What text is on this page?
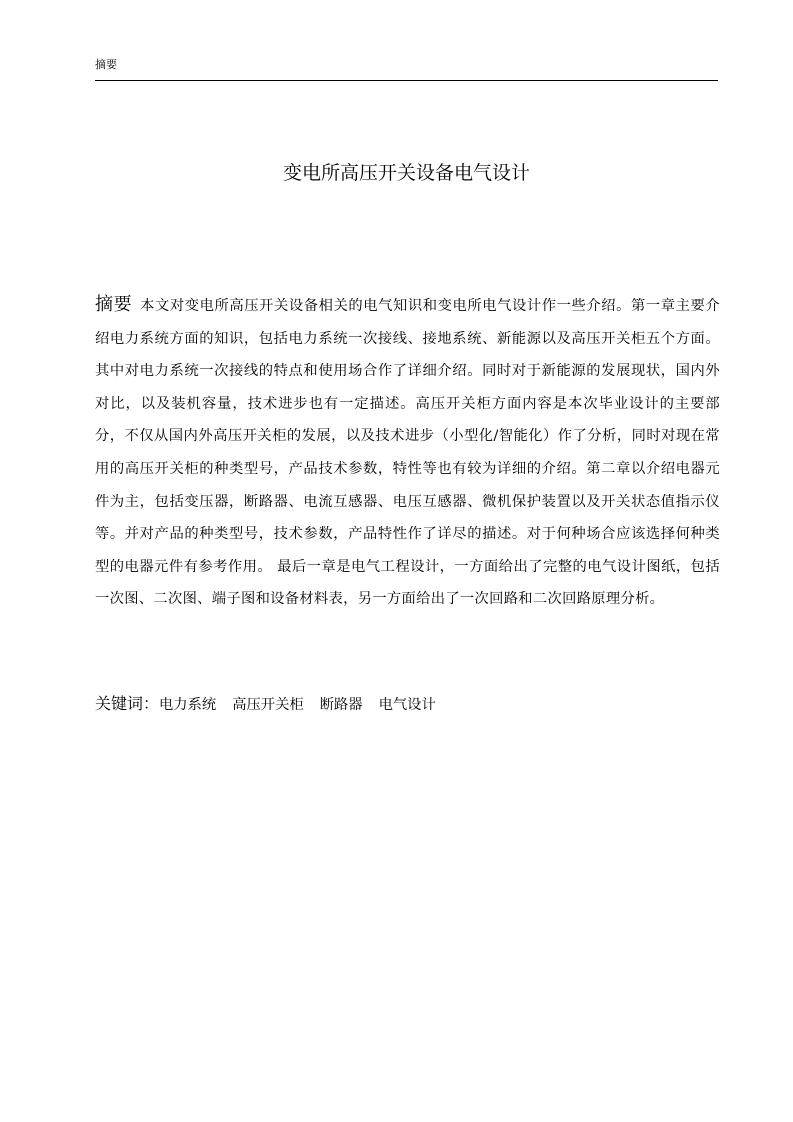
摘要
变电所高压开关设备电气设计

摘要 本文对变电所高压开关设备相关的电气知识和变电所电气设计作一些介绍。第一章主要介绍电力系统方面的知识，包括电力系统一次接线、接地系统、新能源以及高压开关柜五个方面。其中对电力系统一次接线的特点和使用场合作了详细介绍。同时对于新能源的发展现状，国内外对比，以及装机容量，技术进步也有一定描述。高压开关柜方面内容是本次毕业设计的主要部分，不仅从国内外高压开关柜的发展，以及技术进步（小型化/智能化）作了分析，同时对现在常用的高压开关柜的种类型号，产品技术参数，特性等也有较为详细的介绍。第二章以介绍电器元件为主，包括变压器，断路器、电流互感器、电压互感器、微机保护装置以及开关状态值指示仪等。并对产品的种类型号，技术参数，产品特性作了详尽的描述。对于何种场合应该选择何种类型的电器元件有参考作用。 最后一章是电气工程设计，一方面给出了完整的电气设计图纸，包括一次图、二次图、端子图和设备材料表，另一方面给出了一次回路和二次回路原理分析。

关键词：电力系统 高压开关柜 断路器 电气设计
